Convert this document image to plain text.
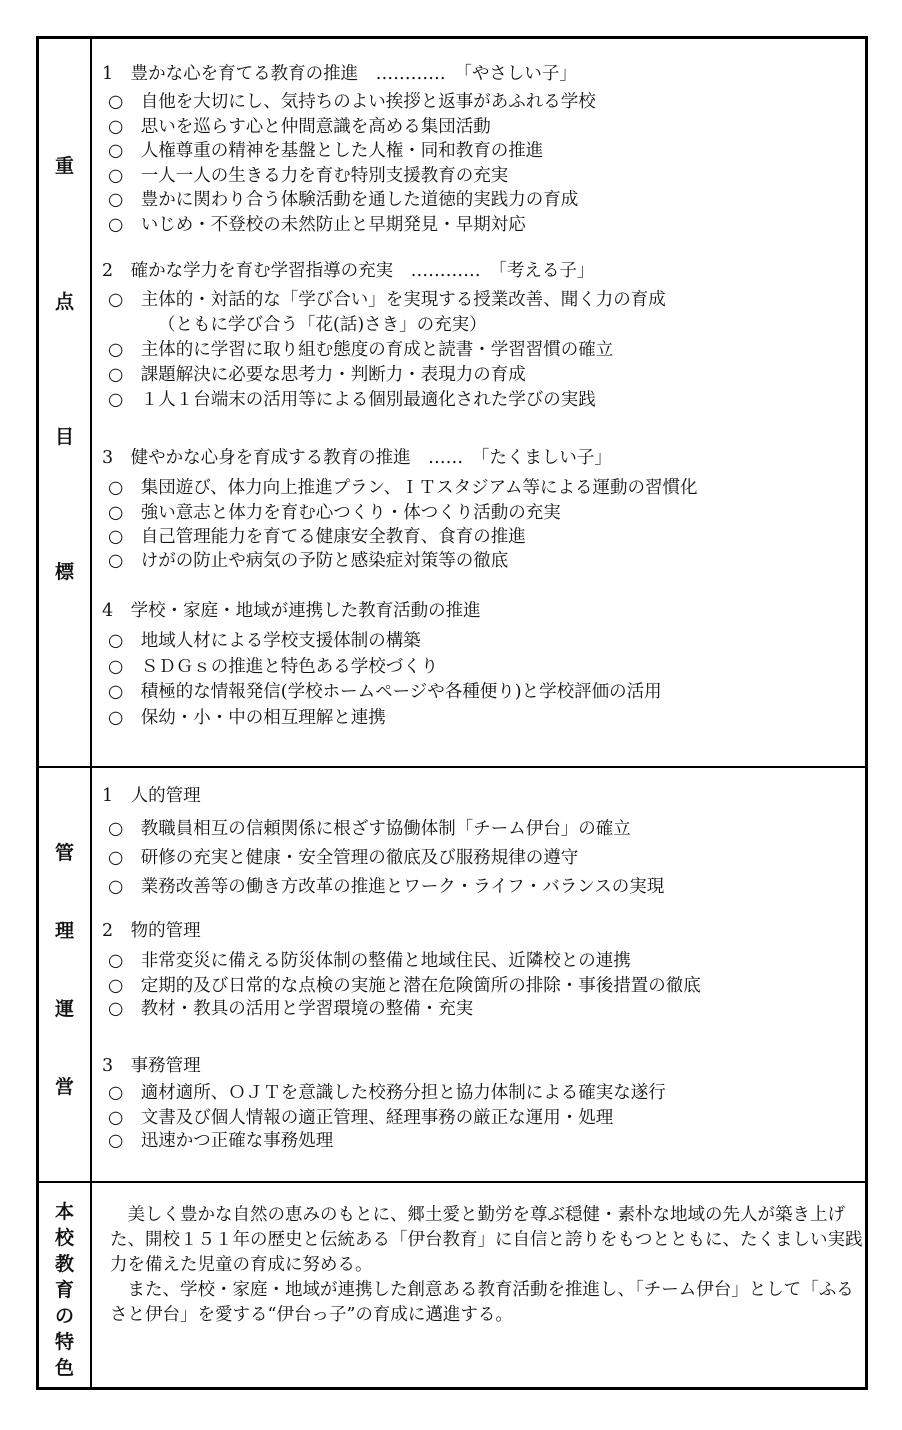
重
点
目
標
1　豊かな心を育てる教育の推進　…………　「やさしい子」
○　自他を大切にし、気持ちのよい挨拶と返事があふれる学校
○　思いを巡らす心と仲間意識を高める集団活動
○　人権尊重の精神を基盤とした人権・同和教育の推進
○　一人一人の生きる力を育む特別支援教育の充実
○　豊かに関わり合う体験活動を通した道徳的実践力の育成
○　いじめ・不登校の未然防止と早期発見・早期対応
2　確かな学力を育む学習指導の充実　…………　「考える子」
○　主体的・対話的な「学び合い」を実現する授業改善、聞く力の育成
（ともに学び合う「花(話)さき」の充実）
○　主体的に学習に取り組む態度の育成と読書・学習習慣の確立
○　課題解決に必要な思考力・判断力・表現力の育成
○　１人１台端末の活用等による個別最適化された学びの実践
3　健やかな心身を育成する教育の推進　……　「たくましい子」
○　集団遊び、体力向上推進プラン、ＩＴスタジアム等による運動の習慣化
○　強い意志と体力を育む心つくり・体つくり活動の充実
○　自己管理能力を育てる健康安全教育、食育の推進
○　けがの防止や病気の予防と感染症対策等の徹底
4　学校・家庭・地域が連携した教育活動の推進
○　地域人材による学校支援体制の構築
○　ＳＤＧｓの推進と特色ある学校づくり
○　積極的な情報発信(学校ホームページや各種便り)と学校評価の活用
○　保幼・小・中の相互理解と連携
管
理
運
営
1　人的管理
○　教職員相互の信頼関係に根ざす協働体制「チーム伊台」の確立
○　研修の充実と健康・安全管理の徹底及び服務規律の遵守
○　業務改善等の働き方改革の推進とワーク・ライフ・バランスの実現
2　物的管理
○　非常変災に備える防災体制の整備と地域住民、近隣校との連携
○　定期的及び日常的な点検の実施と潜在危険箇所の排除・事後措置の徹底
○　教材・教具の活用と学習環境の整備・充実
3　事務管理
○　適材適所、ＯＪＴを意識した校務分担と協力体制による確実な遂行
○　文書及び個人情報の適正管理、経理事務の厳正な運用・処理
○　迅速かつ正確な事務処理
本
校
教
育
の
特
色

美しく豊かな自然の恵みのもとに、郷土愛と勤労を尊ぶ穏健・素朴な地域の先人が築き上げた、開校１５１年の歴史と伝統ある「伊台教育」に自信と誇りをもつとともに、たくましい実践力を備えた児童の育成に努める。

また、学校・家庭・地域が連携した創意ある教育活動を推進し、「チーム伊台」として「ふるさと伊台」を愛する“伊台っ子”の育成に邁進する。
